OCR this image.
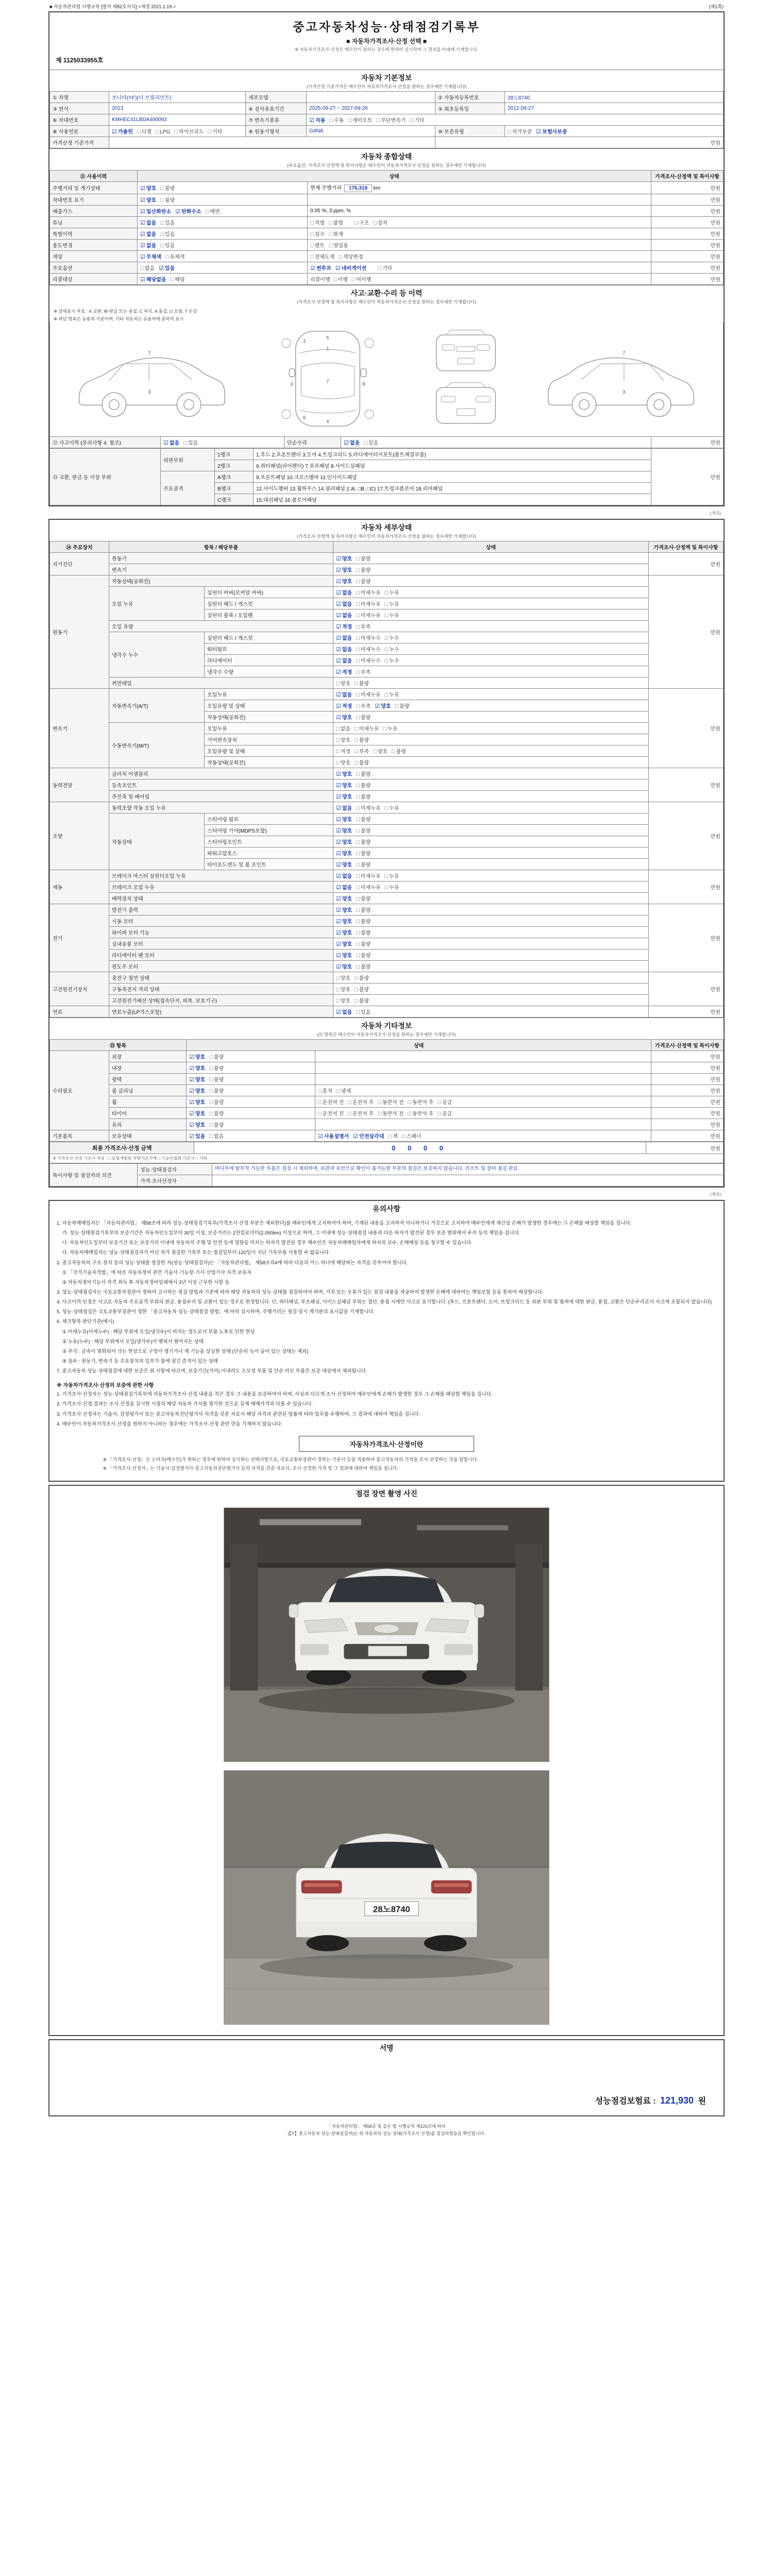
■ 자동차관리법 시행규칙 [별지 제82호서식] <개정 2021.1.19.>	(제1쪽)
중고자동차성능·상태점검기록부
■ 자동차가격조사·산정 선택 ■
※ 자동차가격조사·산정은 매수인이 원하는 경우에 한하여 실시하며 그 결과를 아래에 기재합니다.
제 1125033955호
자동차 기본정보
(가격산정 기준가격은 매수인이 자동차가격조사·산정을 원하는 경우에만 기재합니다)
① 차명	쏘나타(YF)(더 브릴리언트)	세부모델		② 자동차등록번호	28노8740
③ 연식	2013	④ 검사유효기간	2025-09-27 ~ 2027-09-26	⑤ 최초등록일	2012-09-27
⑥ 차대번호	KMHEC41LBDA490093	⑦ 변속기종류	☑ 자동 □ 수동 □ 세미오토 □ 무단변속기 □ 기타		
⑧ 사용연료	☑ 가솔린 □ 디젤 □ LPG □ 하이브리드 □ 기타	⑨ 원동기형식	G4NA	⑩ 보증유형	□ 자가보증 ☑ 보험사보증
가격산정 기준가격				만원	
자동차 종합상태
(주요옵션, 가격조사·산정액 및 특이사항은 매수인이 자동차가격조사·산정을 원하는 경우에만 기재합니다)
⑪ 사용이력	상태		가격조사·산정액 및 특이사항
주행거리 및 계기상태	☑ 양호 □ 불량	현재 주행거리 176,319 km	만원
차대번호 표기	☑ 양호 □ 불량		만원
배출가스	☑ 일산화탄소 ☑ 탄화수소 □ 매연	0.05 %, 3 ppm, %	만원
튜닝	☑ 없음 □ 있음	□ 적법 □ 불법 □ 구조 □ 장치	만원
특별이력	☑ 없음 □ 있음	□ 침수 □ 화재	만원
용도변경	☑ 없음 □ 있음	□ 렌트 □ 영업용	만원
색상	☑ 무채색 □ 유채색	□ 전체도색 □ 색상변경	만원
주요옵션	□ 없음 ☑ 있음	☑ 썬루프 ☑ 네비게이션 □ 기타	만원
리콜대상	☑ 해당없음 □ 해당	리콜이행 □ 이행 □ 미이행	만원
사고·교환·수리 등 이력
(가격조사·산정액 및 특이사항은 매수인이 자동차가격조사·산정을 원하는 경우에만 기재합니다)
※ 상태표시 부호 : X 교환, W 판금 또는 용접, C 부식, A 흠집, U 요철, T 손상
※ 하단 항목은 승용차 기준이며, 기타 자동차는 승용차에 준하여 표시
7
3
5
1
7
4
2
3
6
8
7
3
⑫ 사고이력 (유의사항 4. 참조)	☑ 없음 □ 있음	단순수리	☑ 없음 □ 있음	만원
⑬ 교환, 판금 등 이상 부위	외판부위	1랭크	1.후드 2.프론트펜더 3.도어 4.트렁크리드 5.라디에이터서포트(볼트체결부품)	만원
		2랭크	6.쿼터패널(리어펜더) 7.루프패널 8.사이드실패널	
	주요골격	A랭크	9.프론트패널 10.크로스멤버 11.인사이드패널	
		B랭크	12.사이드멤버 13.휠하우스 14.필러패널 (□A, □B, □C) 17.트렁크플로어 18.리어패널	
		C랭크	15.대쉬패널 16.플로어패널	
(계속)
자동차 세부상태
(가격조사·산정액 및 특이사항은 매수인이 자동차가격조사·산정을 원하는 경우에만 기재합니다)
⑭ 주요장치	항목 / 해당부품		상태	가격조사·산정액 및 특이사항
자기진단	원동기		☑ 양호 □ 불량	만원
	변속기		☑ 양호 □ 불량	
원동기	작동상태(공회전)		☑ 양호 □ 불량	만원
	오일 누유	실린더 커버(로커암 커버)	☑ 없음 □ 미세누유 □ 누유	
		실린더 헤드 / 개스킷	☑ 없음 □ 미세누유 □ 누유	
		실린더 블록 / 오일팬	☑ 없음 □ 미세누유 □ 누유	
	오일 유량		☑ 적정 □ 부족	
	냉각수 누수	실린더 헤드 / 개스킷	☑ 없음 □ 미세누수 □ 누수	
		워터펌프	☑ 없음 □ 미세누수 □ 누수	
		라디에이터	☑ 없음 □ 미세누수 □ 누수	
		냉각수 수량	☑ 적정 □ 부족	
	커먼레일		□ 양호 □ 불량	
변속기	자동변속기(A/T)	오일누유	☑ 없음 □ 미세누유 □ 누유	만원
		오일유량 및 상태	☑ 적정 □ 부족 ☑ 양호 □ 불량	
		작동상태(공회전)	☑ 양호 □ 불량	
	수동변속기(M/T)	오일누유	□ 없음 □ 미세누유 □ 누유	
		기어변속장치	□ 양호 □ 불량	
		오일유량 및 상태	□ 적정 □ 부족 □ 양호 □ 불량	
		작동상태(공회전)	□ 양호 □ 불량	
동력전달	클러치 어셈블리		☑ 양호 □ 불량	만원
	등속조인트		☑ 양호 □ 불량	
	추진축 및 베어링		☑ 양호 □ 불량	
조향	동력조향 작동 오일 누유		☑ 없음 □ 미세누유 □ 누유	만원
	작동상태	스티어링 펌프	☑ 양호 □ 불량	
		스티어링 기어(MDPS포함)	☑ 양호 □ 불량	
		스티어링조인트	☑ 양호 □ 불량	
		파워고압호스	☑ 양호 □ 불량	
		타이로드엔드 및 볼 조인트	☑ 양호 □ 불량	
제동	브레이크 마스터 실린더오일 누유		☑ 없음 □ 미세누유 □ 누유	만원
	브레이크 오일 누유		☑ 없음 □ 미세누유 □ 누유	
	배력장치 상태		☑ 양호 □ 불량	
전기	발전기 출력		☑ 양호 □ 불량	만원
	시동 모터		☑ 양호 □ 불량	
	와이퍼 모터 기능		☑ 양호 □ 불량	
	실내송풍 모터		☑ 양호 □ 불량	
	라디에이터 팬 모터		☑ 양호 □ 불량	
	윈도우 모터		☑ 양호 □ 불량	
고전원전기장치	충전구 절연 상태		□ 양호 □ 불량	만원
	구동축전지 격리 상태		□ 양호 □ 불량	
	고전원전기배선 상태(접속단자, 피복, 보호기구)		□ 양호 □ 불량	
연료	연료누출(LP가스포함)		☑ 없음 □ 있음	만원
자동차 기타정보
(⑮ 항목은 매수인이 자동차가격조사·산정을 원하는 경우에만 기재합니다)
⑮ 항목		상태		가격조사·산정액 및 특이사항
수리필요	외장	☑ 양호 □ 불량		만원
	내장	☑ 양호 □ 불량		만원
	광택	☑ 양호 □ 불량		만원
	룸 클리닝	☑ 양호 □ 불량	□ 흔적 □ 냄새	만원
	휠	☑ 양호 □ 불량	□ 운전석 전 □ 운전석 후 □ 동반석 전 □ 동반석 후 □ 응급	만원
	타이어	☑ 양호 □ 불량	□ 운전석 전 □ 운전석 후 □ 동반석 전 □ 동반석 후 □ 응급	만원
	유리	☑ 양호 □ 불량		만원
기본품목	보유상태	☑ 있음 □ 없음	☑ 사용설명서 ☑ 안전삼각대 □ 잭 □ 스패너	만원
최종 가격조사·산정 금액	0 0 0 0	만원
※ 가격조사·산정 기준서 적용 : □ 보험개발원 차량기준가액 □ 기술인협회 기준서 □ 기타
특이사항 및 점검자의 의견	성능·상태점검자	바디부에 탈부착 가능한 부품은 점검 시 제외하며, 외관과 육안으로 확인이 불가능한 부분의 점검은 보증하지 않습니다. 리프트 및 장비 점검 완료.
	가격·조사산정자	
(계속)
유의사항
1. 자동차매매업자는 「자동차관리법」 제58조에 따라 성능·상태점검기록부(가격조사·산정 부분은 제외한다)를 매수인에게 고지하여야 하며, 기재된 내용을 고지하지 아니하거나 거짓으로 고지하여 매수인에게 재산상 손해가 발생한 경우에는 그 손해를 배상할 책임을 집니다.
가. 성능·상태점검기록부의 보증기간은 자동차인도일부터 30일 이상, 보증거리는 2천킬로미터(2,000km) 이상으로 하며, 그 이내에 성능·상태점검 내용과 다른 하자가 발견된 경우 보증 범위에서 수리 등의 책임을 집니다.
나. 자동차인도일부터 보증기간 또는 보증거리 이내에 자동차의 주행 및 안전 등에 영향을 미치는 하자가 발견된 경우 매수인은 자동차매매업자에게 하자의 보수, 손해배상 등을 청구할 수 있습니다.
다. 자동차매매업자는 성능·상태점검자가 아닌 자가 점검한 기록부 또는 점검일부터 120일이 지난 기록부를 사용할 수 없습니다.
2. 중고자동차의 구조·장치 등의 성능·상태를 점검한 자(성능·상태점검자)는 「자동차관리법」 제58조의4에 따라 다음의 어느 하나에 해당하는 자격을 갖추어야 합니다.
① 「국가기술자격법」에 따른 자동차정비 관련 기술사·기능장·기사·산업기사 자격 보유자
② 자동차정비기능사 자격 취득 후 자동차정비업체에서 3년 이상 근무한 사람 등
3. 성능·상태점검자는 국토교통부장관이 정하여 고시하는 점검 방법과 기준에 따라 해당 자동차의 성능·상태를 점검하여야 하며, 거짓 또는 오류가 있는 점검 내용을 제공하여 발생한 손해에 대하여는 책임보험 등을 통하여 배상합니다.
4. 사고이력 인정은 사고로 자동차 주요골격 부위의 판금, 용접수리 및 교환이 있는 경우로 한정합니다. 단, 쿼터패널, 루프패널, 사이드실패널 부위는 절단, 용접 시에만 사고로 표기합니다. (후드, 프론트펜더, 도어, 트렁크리드 등 외판 부위 및 범퍼에 대한 판금, 용접, 교환은 단순수리로서 사고에 포함되지 않습니다)
5. 성능·상태점검은 국토교통부장관이 정한 「중고자동차 성능·상태점검 방법」에 따라 실시하며, 주행거리는 점검 당시 계기판의 표시값을 기재합니다.
6. 체크항목 판단기준(예시)
① 미세누유(미세누수) : 해당 부위에 오일(냉각수)이 비치는 정도로서 부품 노후로 인한 현상
② 누유(누수) : 해당 부위에서 오일(냉각수)이 맺혀서 떨어지는 상태
③ 부식 : 금속이 열화되어 삭는 현상으로 구멍이 생기거나 제 기능을 상실한 상태 (단순히 녹이 슬어 있는 상태는 제외)
④ 침수 : 원동기, 변속기 등 주요장치의 일부가 물에 잠긴 흔적이 있는 상태
7. 중고자동차 성능·상태점검에 대한 보증은 위 사항에 따르며, 보증기간(거리) 이내라도 소모성 부품 및 단순 마모 부품은 보증 대상에서 제외됩니다.
※ 자동차가격조사·산정의 보증에 관한 사항
1. 가격조사·산정자는 성능·상태점검기록부에 자동차가격조사·산정 내용을 적은 경우 그 내용을 보증하여야 하며, 사실과 다르게 조사·산정하여 매수인에게 손해가 발생한 경우 그 손해를 배상할 책임을 집니다.
2. 가격조사·산정 결과는 조사·산정을 실시한 시점의 해당 자동차 가치를 평가한 것으로 실제 매매가격과 다를 수 있습니다.
3. 가격조사·산정자는 기술사, 감정평가사 또는 중고자동차진단평가사 자격을 갖춘 자로서 해당 자격과 관련된 법률에 따라 업무를 수행하며, 그 결과에 대하여 책임을 집니다.
4. 매수인이 자동차가격조사·산정을 원하지 아니하는 경우에는 가격조사·산정 관련 란을 기재하지 않습니다.
자동차가격조사·산정이란
※ 「가격조사·산정」은 소비자(매수인)가 원하는 경우에 한하여 실시하는 선택사항으로, 국토교통부장관이 정하는 기준서 등을 적용하여 중고자동차의 가격을 조사·산정하는 것을 말합니다.
※ 「가격조사·산정자」는 기술사·감정평가사·중고자동차진단평가사 등의 자격을 갖춘 자로서, 조사·산정한 가격 및 그 결과에 대하여 책임을 집니다.
점검 장면 촬영 사진
28노8740
서명
성능점검보험료 : 121,930 원
「자동차관리법」 제58조 및 같은 법 시행규칙 제120조에 따라
(【Y】중고자동차 성능·상태점검자)는 위 자동차의 성능·상태(가격조사·산정)를 점검하였음을 확인합니다.
